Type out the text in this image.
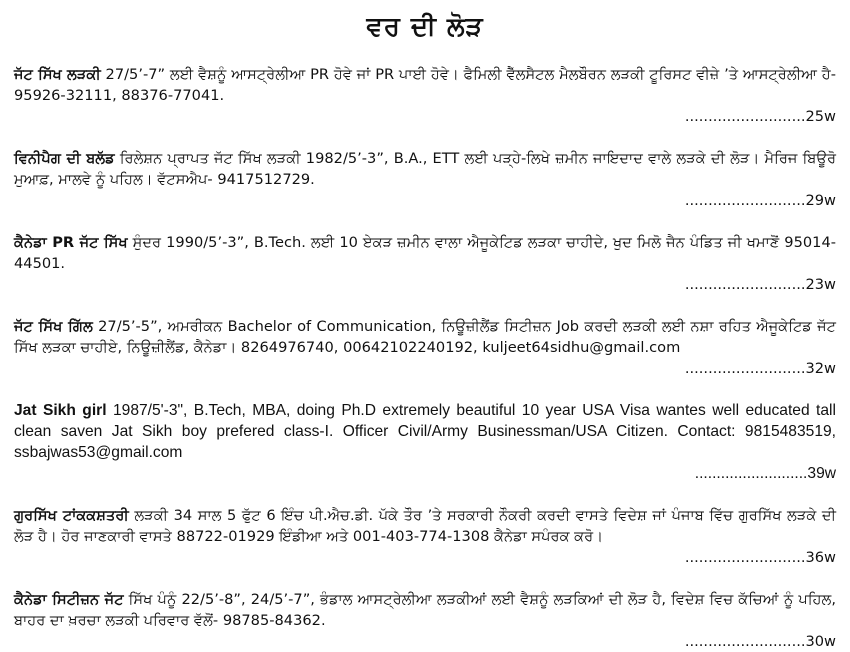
ਵਰ ਦੀ ਲੋੜ
ਜੱਟ ਸਿੱਖ ਲੜਕੀ 27/5’-7” ਲਈ ਵੈਸ਼ਨੂੰ ਆਸਟ੍ਰੇਲੀਆ PR ਹੋਵੇ ਜਾਂ PR ਪਾਈ ਹੋਵੇ। ਫੈਮਿਲੀ ਵੈੱਲਸੈਟਲ ਮੈਲਬੌਰਨ ਲੜਕੀ ਟੂਰਿਸਟ ਵੀਜ਼ੇ ’ਤੇ ਆਸਟ੍ਰੇਲੀਆ ਹੈ- 95926-32111, 88376-77041.
..........................25w
ਵਿਨੀਪੈਗ ਦੀ ਬਲੱਡ ਰਿਲੇਸ਼ਨ ਪ੍ਰਾਪਤ ਜੱਟ ਸਿੱਖ ਲੜਕੀ 1982/5’-3”, B.A., ETT ਲਈ ਪੜ੍ਹੇ-ਲਿਖੇ ਜ਼ਮੀਨ ਜਾਇਦਾਦ ਵਾਲੇ ਲੜਕੇ ਦੀ ਲੋੜ। ਮੈਰਿਜ ਬਿਊਰੋ ਮੁਆਫ਼, ਮਾਲਵੇ ਨੂੰ ਪਹਿਲ। ਵੱਟਸਐਪ- 9417512729.
..........................29w
ਕੈਨੇਡਾ PR ਜੱਟ ਸਿੱਖ ਸੁੰਦਰ 1990/5’-3”, B.Tech. ਲਈ 10 ਏਕੜ ਜ਼ਮੀਨ ਵਾਲਾ ਐਜੂਕੇਟਿਡ ਲੜਕਾ ਚਾਹੀਦੇ, ਖੁਦ ਮਿਲੋ ਜੈਨ ਪੰਡਿਤ ਜੀ ਖਮਾਣੋਂ 95014-44501.
..........................23w
ਜੱਟ ਸਿੱਖ ਗਿੱਲ 27/5’-5”, ਅਮਰੀਕਨ Bachelor of Communication, ਨਿਊਜ਼ੀਲੈਂਡ ਸਿਟੀਜ਼ਨ Job ਕਰਦੀ ਲੜਕੀ ਲਈ ਨਸ਼ਾ ਰਹਿਤ ਐਜੂਕੇਟਿਡ ਜੱਟ ਸਿੱਖ ਲੜਕਾ ਚਾਹੀਏ, ਨਿਊਜ਼ੀਲੈਂਡ, ਕੈਨੇਡਾ। 8264976740, 00642102240192, kuljeet64sidhu@gmail.com
..........................32w
Jat Sikh girl 1987/5'-3", B.Tech, MBA, doing Ph.D extremely beautiful 10 year USA Visa wantes well educated tall clean saven Jat Sikh boy prefered class-I. Officer Civil/Army Businessman/USA Citizen. Contact: 9815483519, ssbajwas53@gmail.com
..........................39w
ਗੁਰਸਿੱਖ ਟਾਂਕਕਸ਼ਤਰੀ ਲੜਕੀ 34 ਸਾਲ 5 ਫੁੱਟ 6 ਇੰਚ ਪੀ.ਐਚ.ਡੀ. ਪੱਕੇ ਤੌਰ ’ਤੇ ਸਰਕਾਰੀ ਨੌਕਰੀ ਕਰਦੀ ਵਾਸਤੇ ਵਿਦੇਸ਼ ਜਾਂ ਪੰਜਾਬ ਵਿੱਚ ਗੁਰਸਿੱਖ ਲੜਕੇ ਦੀ ਲੋੜ ਹੈ। ਹੋਰ ਜਾਣਕਾਰੀ ਵਾਸਤੇ 88722-01929 ਇੰਡੀਆ ਅਤੇ 001-403-774-1308 ਕੈਨੇਡਾ ਸਪੰਰਕ ਕਰੋ।
..........................36w
ਕੈਨੇਡਾ ਸਿਟੀਜ਼ਨ ਜੱਟ ਸਿੱਖ ਪੰਨੂੰ 22/5’-8”, 24/5’-7”, ਭੰਡਾਲ ਆਸਟ੍ਰੇਲੀਆ ਲੜਕੀਆਂ ਲਈ ਵੈਸ਼ਨੂੰ ਲੜਕਿਆਂ ਦੀ ਲੋੜ ਹੈ, ਵਿਦੇਸ਼ ਵਿਚ ਕੱਚਿਆਂ ਨੂੰ ਪਹਿਲ, ਬਾਹਰ ਦਾ ਖ਼ਰਚਾ ਲੜਕੀ ਪਰਿਵਾਰ ਵੱਲੋਂ- 98785-84362.
..........................30w
